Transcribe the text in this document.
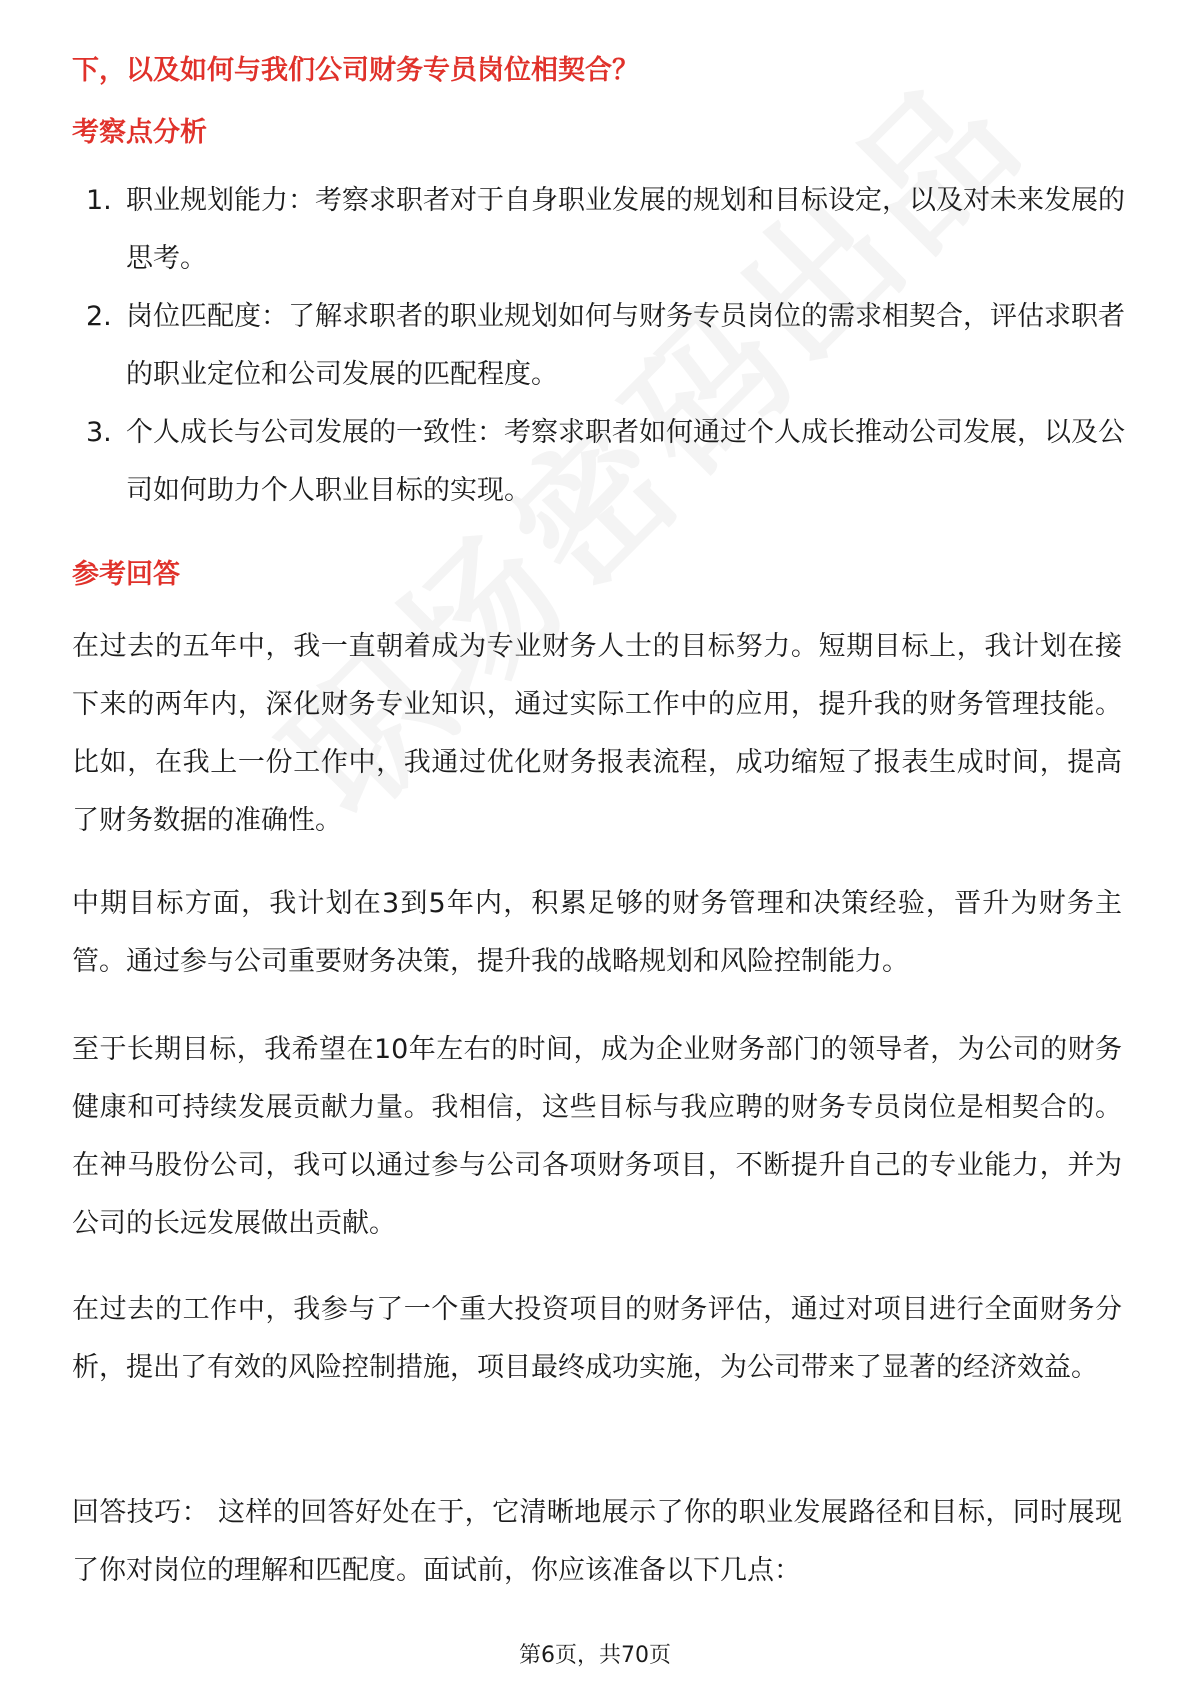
下，以及如何与我们公司财务专员岗位相契合？

考察点分析

1. 职业规划能力：考察求职者对于自身职业发展的规划和目标设定，以及对未来发展的思考。
2. 岗位匹配度：了解求职者的职业规划如何与财务专员岗位的需求相契合，评估求职者的职业定位和公司发展的匹配程度。
3. 个人成长与公司发展的一致性：考察求职者如何通过个人成长推动公司发展，以及公司如何助力个人职业目标的实现。

参考回答

在过去的五年中，我一直朝着成为专业财务人士的目标努力。短期目标上，我计划在接下来的两年内，深化财务专业知识，通过实际工作中的应用，提升我的财务管理技能。比如，在我上一份工作中，我通过优化财务报表流程，成功缩短了报表生成时间，提高了财务数据的准确性。

中期目标方面，我计划在3到5年内，积累足够的财务管理和决策经验，晋升为财务主管。通过参与公司重要财务决策，提升我的战略规划和风险控制能力。

至于长期目标，我希望在10年左右的时间，成为企业财务部门的领导者，为公司的财务健康和可持续发展贡献力量。我相信，这些目标与我应聘的财务专员岗位是相契合的。在神马股份公司，我可以通过参与公司各项财务项目，不断提升自己的专业能力，并为公司的长远发展做出贡献。

在过去的工作中，我参与了一个重大投资项目的财务评估，通过对项目进行全面财务分析，提出了有效的风险控制措施，项目最终成功实施，为公司带来了显著的经济效益。

回答技巧： 这样的回答好处在于，它清晰地展示了你的职业发展路径和目标，同时展现了你对岗位的理解和匹配度。面试前，你应该准备以下几点：

第6页，共70页
